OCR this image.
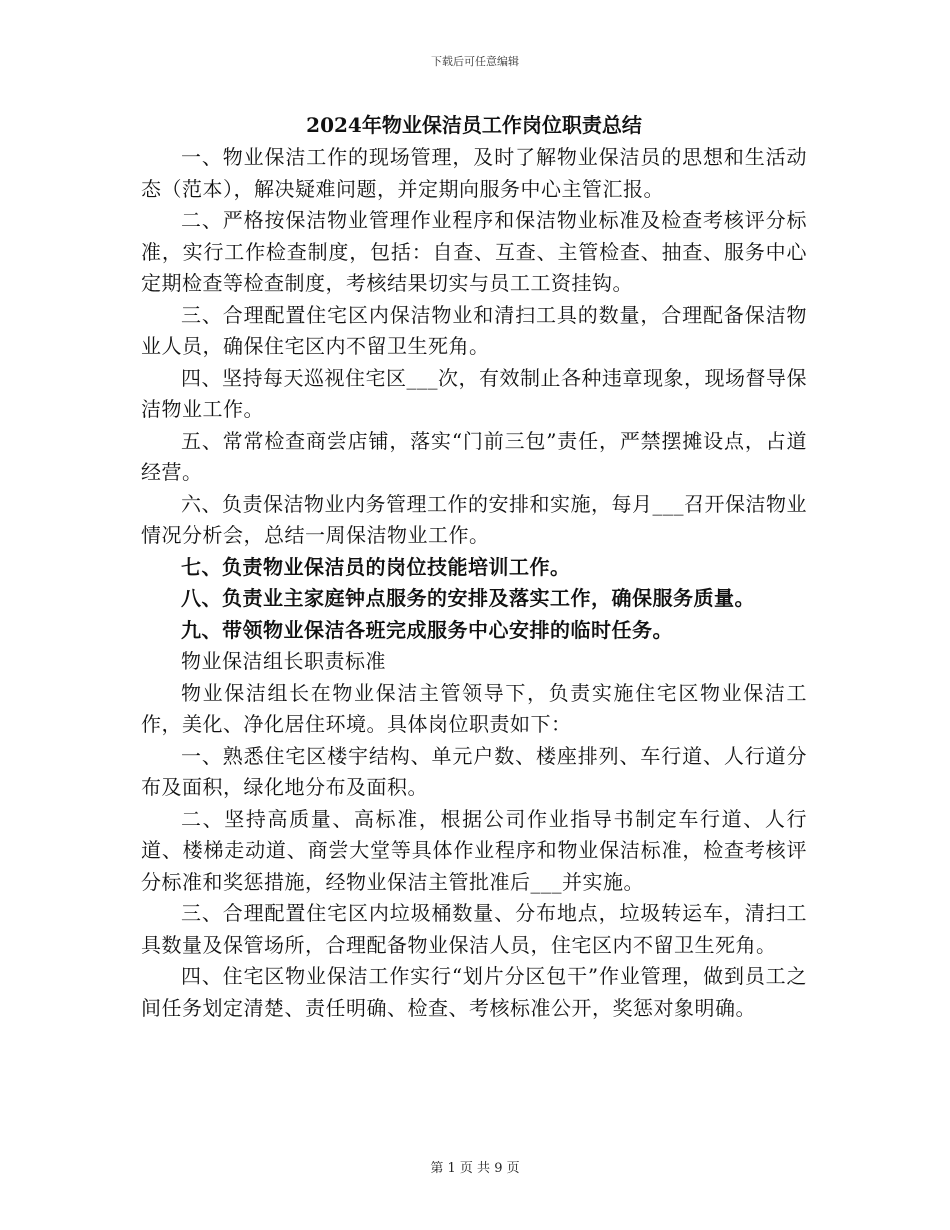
下载后可任意编辑

2024年物业保洁员工作岗位职责总结

一、物业保洁工作的现场管理，及时了解物业保洁员的思想和生活动态（范本），解决疑难问题，并定期向服务中心主管汇报。

二、严格按保洁物业管理作业程序和保洁物业标准及检查考核评分标准，实行工作检查制度，包括：自查、互查、主管检查、抽查、服务中心定期检查等检查制度，考核结果切实与员工工资挂钩。

三、合理配置住宅区内保洁物业和清扫工具的数量，合理配备保洁物业人员，确保住宅区内不留卫生死角。

四、坚持每天巡视住宅区___次，有效制止各种违章现象，现场督导保洁物业工作。

五、常常检查商尝店铺，落实“门前三包”责任，严禁摆摊设点，占道经营。

六、负责保洁物业内务管理工作的安排和实施，每月___召开保洁物业情况分析会，总结一周保洁物业工作。

七、负责物业保洁员的岗位技能培训工作。

八、负责业主家庭钟点服务的安排及落实工作，确保服务质量。

九、带领物业保洁各班完成服务中心安排的临时任务。

物业保洁组长职责标准

物业保洁组长在物业保洁主管领导下，负责实施住宅区物业保洁工作，美化、净化居住环境。具体岗位职责如下：

一、熟悉住宅区楼宇结构、单元户数、楼座排列、车行道、人行道分布及面积，绿化地分布及面积。

二、坚持高质量、高标准，根据公司作业指导书制定车行道、人行道、楼梯走动道、商尝大堂等具体作业程序和物业保洁标准，检查考核评分标准和奖惩措施，经物业保洁主管批准后___并实施。

三、合理配置住宅区内垃圾桶数量、分布地点，垃圾转运车，清扫工具数量及保管场所，合理配备物业保洁人员，住宅区内不留卫生死角。

四、住宅区物业保洁工作实行“划片分区包干”作业管理，做到员工之间任务划定清楚、责任明确、检查、考核标准公开，奖惩对象明确。

第 1 页 共 9 页
